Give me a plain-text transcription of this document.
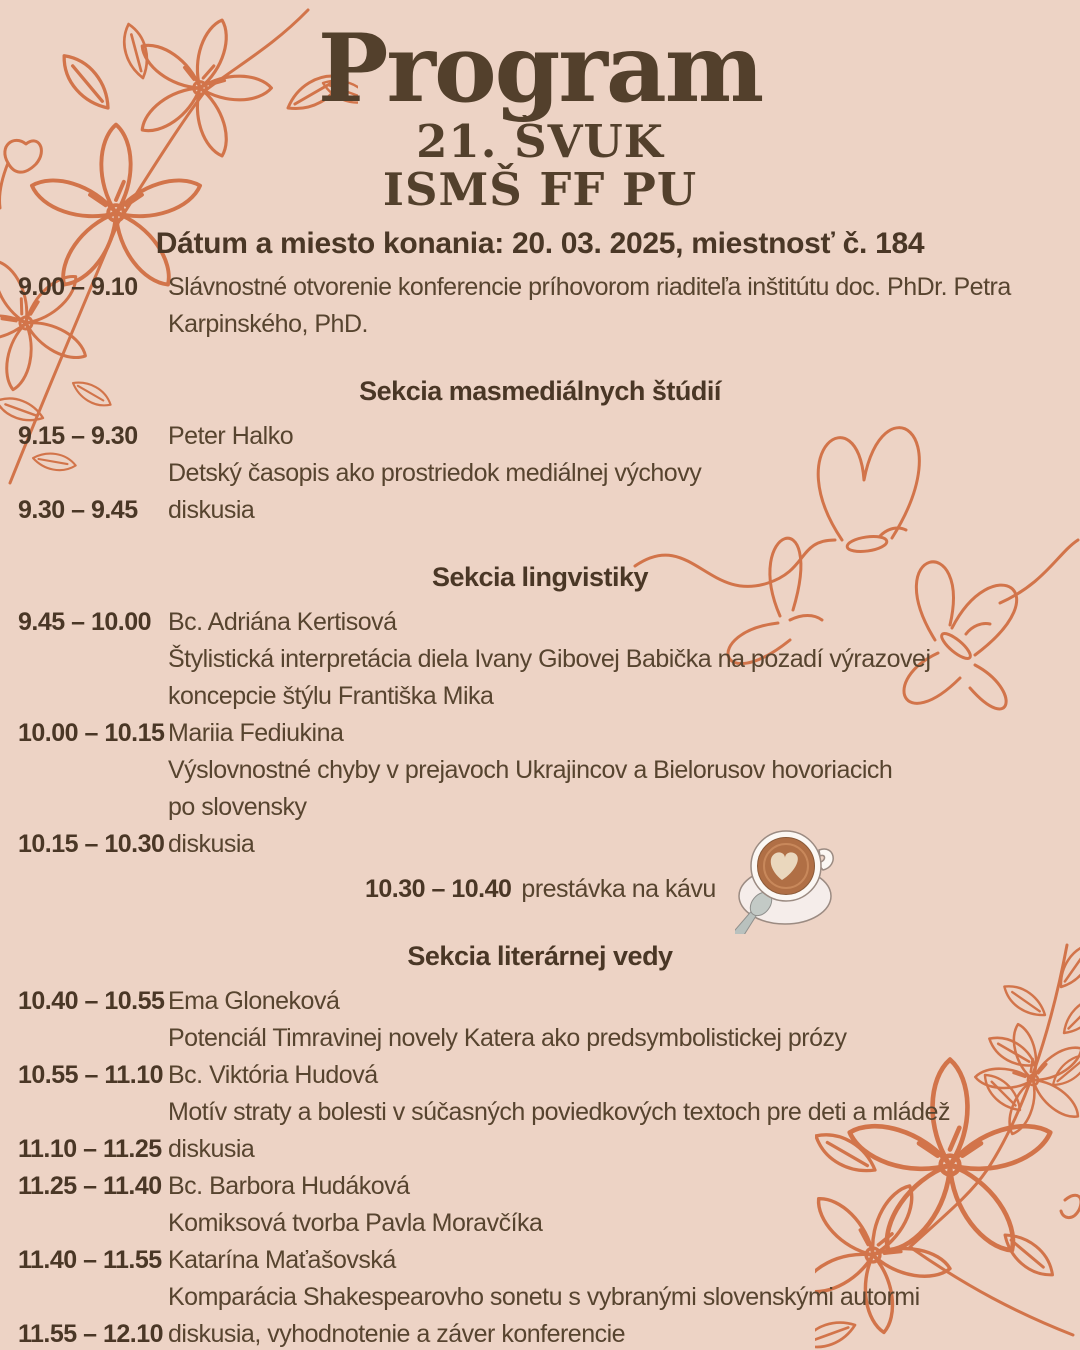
Program
21. ŠVUK
ISMŠ FF PU
Dátum a miesto konania: 20. 03. 2025, miestnosť č. 184
9.00 – 9.10	Slávnostné otvorenie konferencie príhovorom riaditeľa inštitútu doc. PhDr. Petra
Karpinského, PhD.
Sekcia masmediálnych štúdií
9.15 – 9.30	Peter Halko
Detský časopis ako prostriedok mediálnej výchovy
9.30 – 9.45	diskusia
Sekcia lingvistiky
9.45 – 10.00 Bc. Adriána Kertisová
Štylistická interpretácia diela Ivany Gibovej Babička na pozadí výrazovej
koncepcie štýlu Františka Mika
10.00 – 10.15 Mariia Fediukina
Výslovnostné chyby v prejavoch Ukrajincov a Bielorusov hovoriacich
po slovensky
10.15 – 10.30 diskusia
10.30 – 10.40 prestávka na kávu
Sekcia literárnej vedy
10.40 – 10.55 Ema Gloneková
Potenciál Timravinej novely Katera ako predsymbolistickej prózy
10.55 – 11.10 Bc. Viktória Hudová
Motív straty a bolesti v súčasných poviedkových textoch pre deti a mládež
11.10 – 11.25 diskusia
11.25 – 11.40 Bc. Barbora Hudáková
Komiksová tvorba Pavla Moravčíka
11.40 – 11.55 Katarína Maťašovská
Komparácia Shakespearovho sonetu s vybranými slovenskými autormi
11.55 – 12.10 diskusia, vyhodnotenie a záver konferencie
